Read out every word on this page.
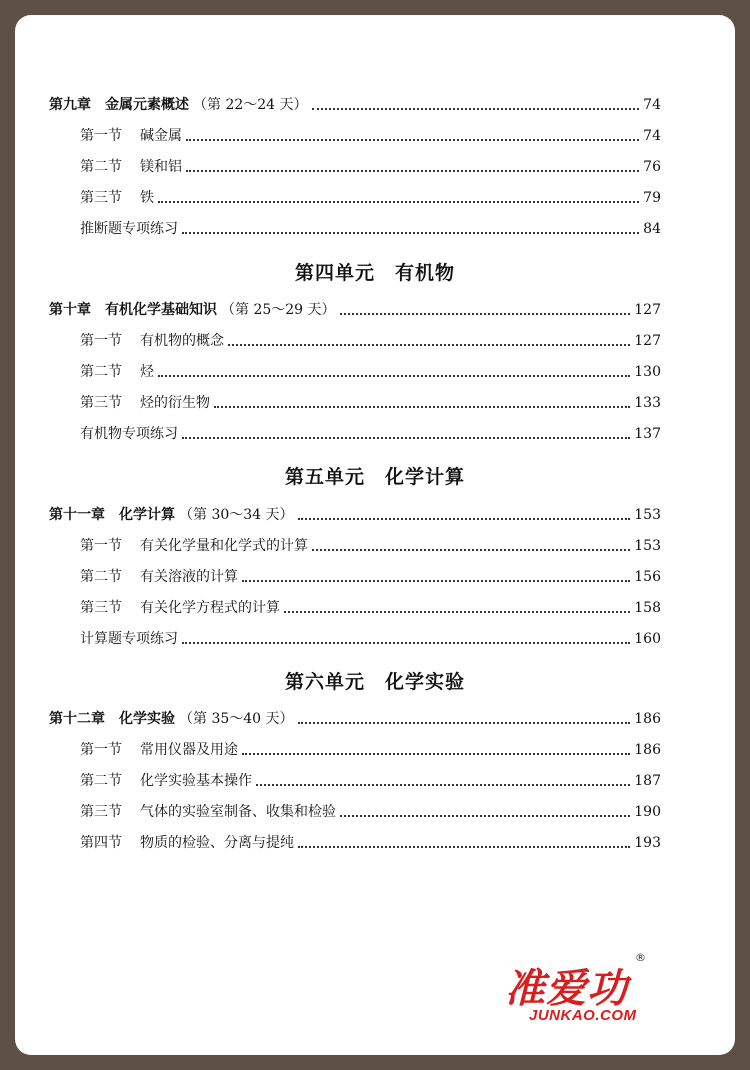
第九章　金属元素概述 （第 22～24 天）	74
第一节	碱金属	74
第二节	镁和铝	76
第三节	铁	79
推断题专项练习	84
第四单元　有机物
第十章　有机化学基础知识 （第 25～29 天）	127
第一节	有机物的概念	127
第二节	烃	130
第三节	烃的衍生物	133
有机物专项练习	137
第五单元　化学计算
第十一章　化学计算 （第 30～34 天）	153
第一节	有关化学量和化学式的计算	153
第二节	有关溶液的计算	156
第三节	有关化学方程式的计算	158
计算题专项练习	160
第六单元　化学实验
第十二章　化学实验 （第 35～40 天）	186
第一节	常用仪器及用途	186
第二节	化学实验基本操作	187
第三节	气体的实验室制备、收集和检验	190
第四节	物质的检验、分离与提纯	193
准爱功
®
JUNKAO.COM
